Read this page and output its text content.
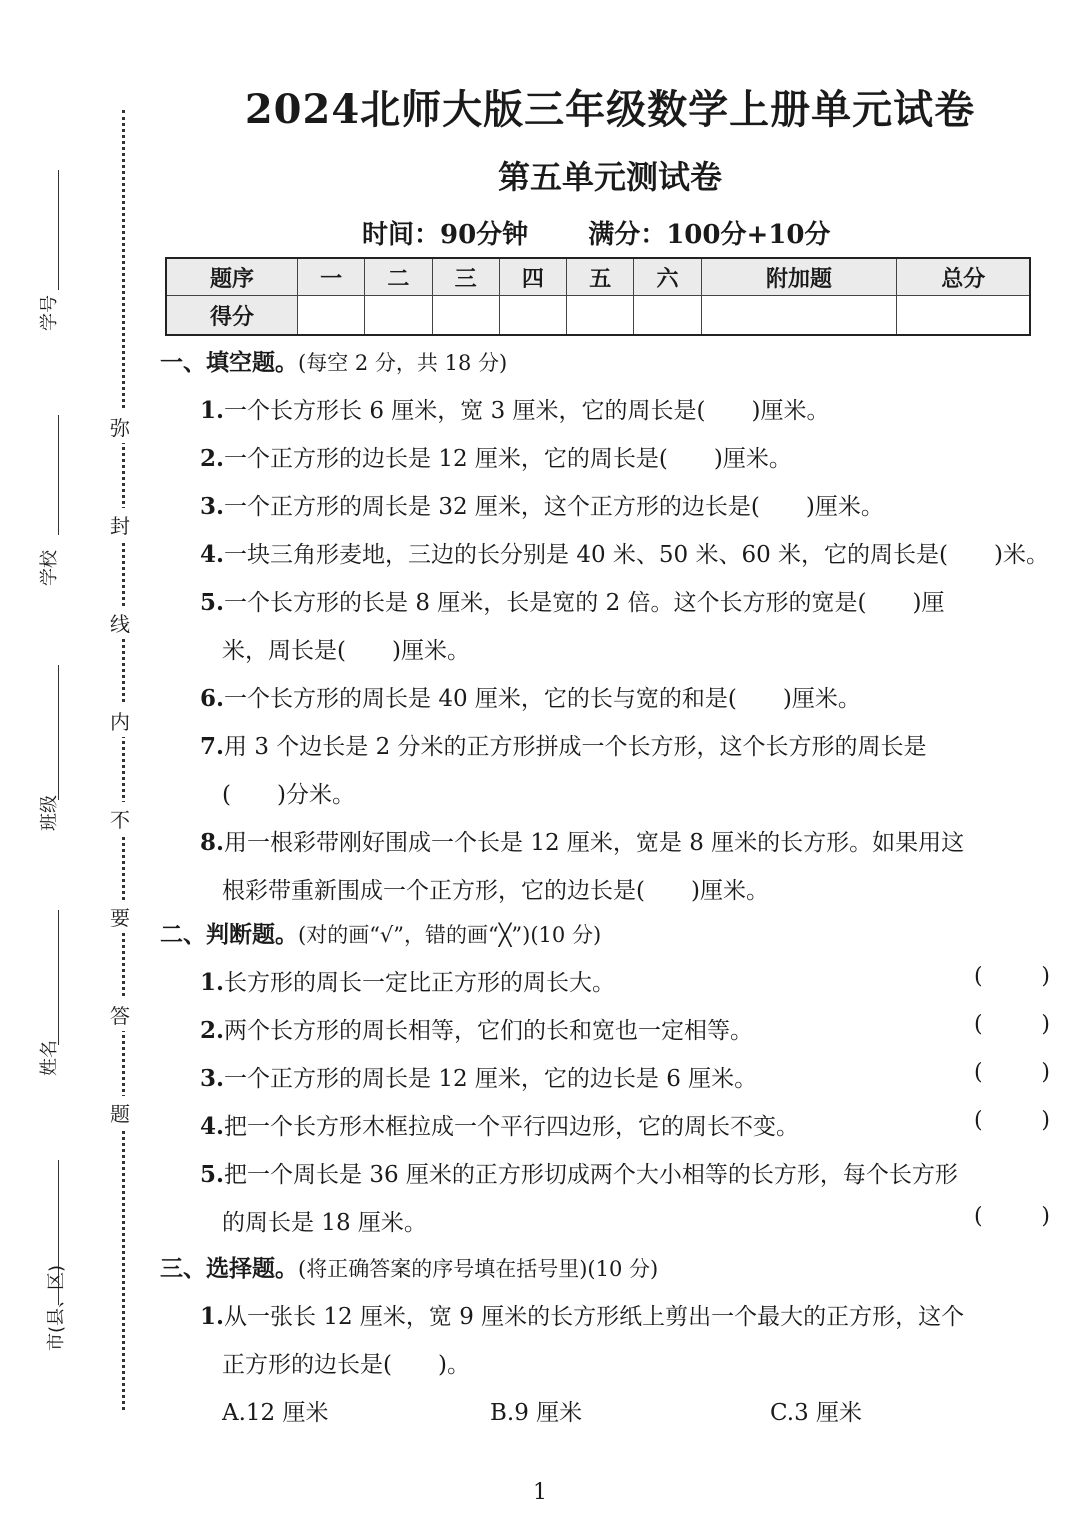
弥
封
线
内
不
要
答
题
学号
学校
班级
姓名
市(县、区)
2024北师大版三年级数学上册单元试卷
第五单元测试卷
时间：90分钟 满分：100分+10分
题序	一	二	三	四	五	六	附加题	总分
得分								
一、填空题。(每空 2 分，共 18 分)
1.一个长方形长 6 厘米，宽 3 厘米，它的周长是(　　)厘米。
2.一个正方形的边长是 12 厘米，它的周长是(　　)厘米。
3.一个正方形的周长是 32 厘米，这个正方形的边长是(　　)厘米。
4.一块三角形麦地，三边的长分别是 40 米、50 米、60 米，它的周长是(　　)米。
5.一个长方形的长是 8 厘米，长是宽的 2 倍。这个长方形的宽是(　　)厘
米，周长是(　　)厘米。
6.一个长方形的周长是 40 厘米，它的长与宽的和是(　　)厘米。
7.用 3 个边长是 2 分米的正方形拼成一个长方形，这个长方形的周长是
(　　)分米。
8.用一根彩带刚好围成一个长是 12 厘米，宽是 8 厘米的长方形。如果用这
根彩带重新围成一个正方形，它的边长是(　　)厘米。
二、判断题。(对的画“√”，错的画“╳”)(10 分)
1.长方形的周长一定比正方形的周长大。	(	)
2.两个长方形的周长相等，它们的长和宽也一定相等。	(	)
3.一个正方形的周长是 12 厘米，它的边长是 6 厘米。	(	)
4.把一个长方形木框拉成一个平行四边形，它的周长不变。	(	)
5.把一个周长是 36 厘米的正方形切成两个大小相等的长方形，每个长方形
的周长是 18 厘米。	(	)
三、选择题。(将正确答案的序号填在括号里)(10 分)
1.从一张长 12 厘米，宽 9 厘米的长方形纸上剪出一个最大的正方形，这个
正方形的边长是(　　)。
A.12 厘米	B.9 厘米	C.3 厘米
1
